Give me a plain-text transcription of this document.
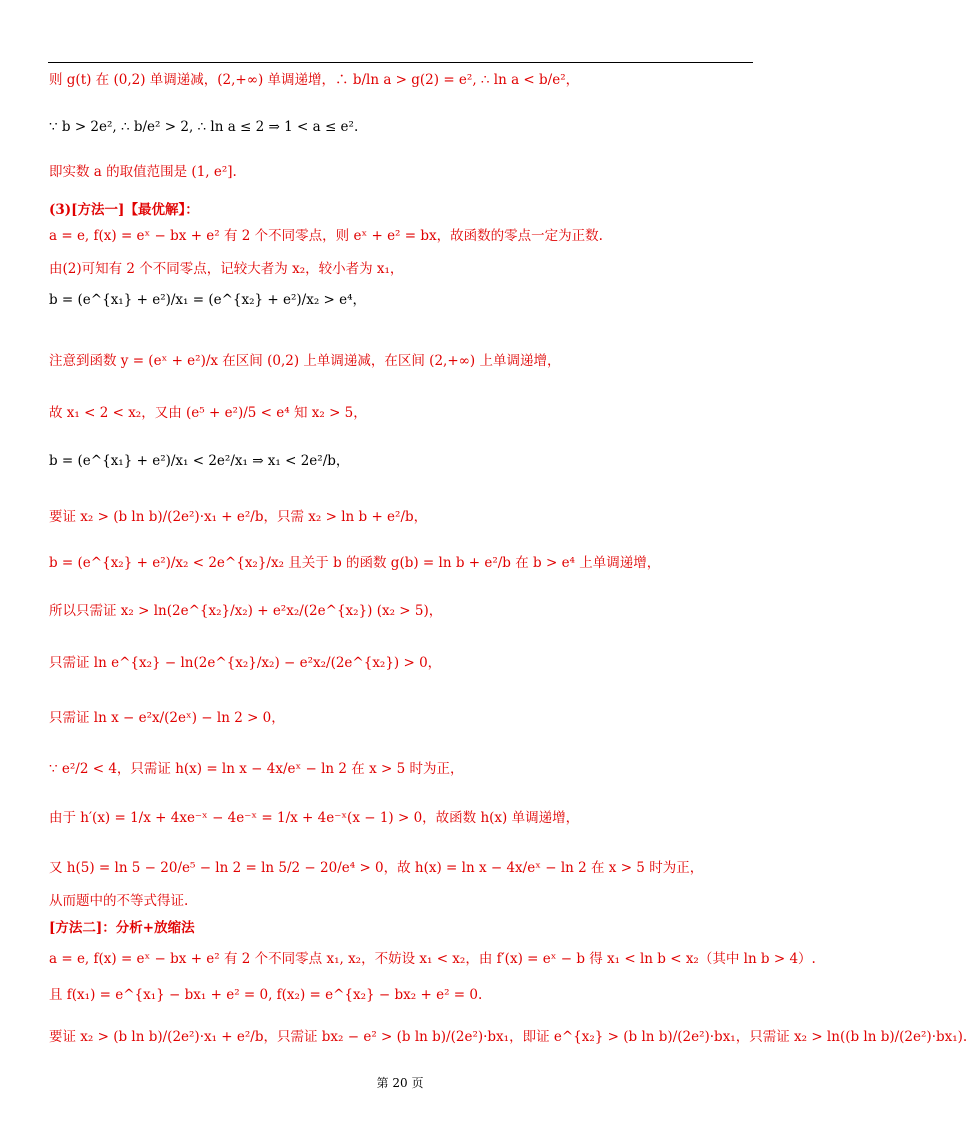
则 g(t) 在 (0,2) 单调递减，(2,+∞) 单调递增，∴ b/ln a > g(2) = e², ∴ ln a < b/e²，
∵ b > 2e², ∴ b/e² > 2, ∴ ln a ≤ 2 ⇒ 1 < a ≤ e².
即实数 a 的取值范围是 (1, e²].
(3)[方法一]【最优解】：
a = e, f(x) = eˣ − bx + e² 有 2 个不同零点，则 eˣ + e² = bx，故函数的零点一定为正数.
由(2)可知有 2 个不同零点，记较大者为 x₂，较小者为 x₁，
b = (e^{x₁} + e²)/x₁ = (e^{x₂} + e²)/x₂ > e⁴，
注意到函数 y = (eˣ + e²)/x 在区间 (0,2) 上单调递减，在区间 (2,+∞) 上单调递增，
故 x₁ < 2 < x₂，又由 (e⁵ + e²)/5 < e⁴ 知 x₂ > 5，
b = (e^{x₁} + e²)/x₁ < 2e²/x₁ ⇒ x₁ < 2e²/b，
要证 x₂ > (b ln b)/(2e²)·x₁ + e²/b，只需 x₂ > ln b + e²/b，
b = (e^{x₂} + e²)/x₂ < 2e^{x₂}/x₂ 且关于 b 的函数 g(b) = ln b + e²/b 在 b > e⁴ 上单调递增，
所以只需证 x₂ > ln(2e^{x₂}/x₂) + e²x₂/(2e^{x₂}) (x₂ > 5)，
只需证 ln e^{x₂} − ln(2e^{x₂}/x₂) − e²x₂/(2e^{x₂}) > 0，
只需证 ln x − e²x/(2eˣ) − ln 2 > 0，
∵ e²/2 < 4，只需证 h(x) = ln x − 4x/eˣ − ln 2 在 x > 5 时为正，
由于 h′(x) = 1/x + 4xe⁻ˣ − 4e⁻ˣ = 1/x + 4e⁻ˣ(x − 1) > 0，故函数 h(x) 单调递增，
又 h(5) = ln 5 − 20/e⁵ − ln 2 = ln 5/2 − 20/e⁴ > 0，故 h(x) = ln x − 4x/eˣ − ln 2 在 x > 5 时为正，
从而题中的不等式得证.
[方法二]：分析+放缩法
a = e, f(x) = eˣ − bx + e² 有 2 个不同零点 x₁, x₂，不妨设 x₁ < x₂，由 f′(x) = eˣ − b 得 x₁ < ln b < x₂（其中 ln b > 4）.
且 f(x₁) = e^{x₁} − bx₁ + e² = 0, f(x₂) = e^{x₂} − bx₂ + e² = 0.
要证 x₂ > (b ln b)/(2e²)·x₁ + e²/b，只需证 bx₂ − e² > (b ln b)/(2e²)·bx₁，即证 e^{x₂} > (b ln b)/(2e²)·bx₁，只需证 x₂ > ln((b ln b)/(2e²)·bx₁).
第 20 页
